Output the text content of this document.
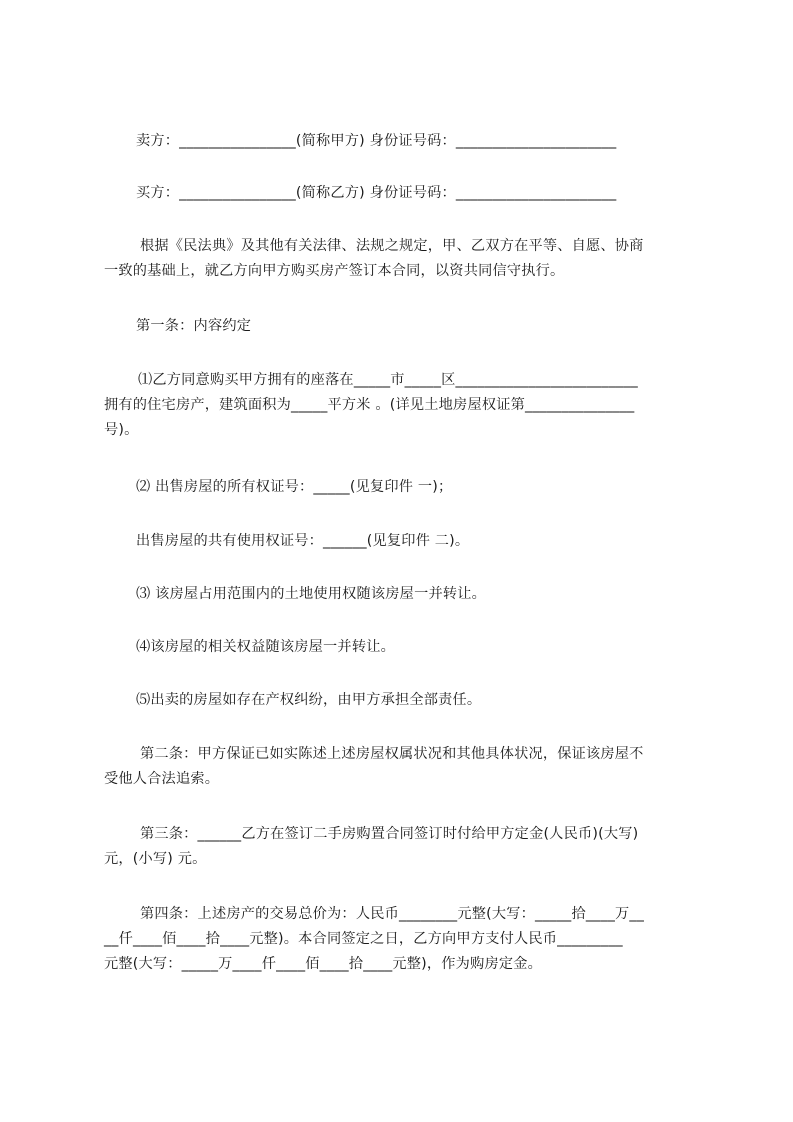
卖方：________________(简称甲方) 身份证号码：______________________
买方：________________(简称乙方) 身份证号码：______________________
根据《民法典》及其他有关法律、法规之规定，甲、乙双方在平等、自愿、协商
一致的基础上，就乙方向甲方购买房产签订本合同，以资共同信守执行。
第一条：内容约定
⑴乙方同意购买甲方拥有的座落在_____市_____区_________________________
拥有的住宅房产，建筑面积为_____平方米 。(详见土地房屋权证第_______________
号)。
⑵ 出售房屋的所有权证号：_____(见复印件 一)；
出售房屋的共有使用权证号：______(见复印件 二)。
⑶ 该房屋占用范围内的土地使用权随该房屋一并转让。
⑷该房屋的相关权益随该房屋一并转让。
⑸出卖的房屋如存在产权纠纷，由甲方承担全部责任。
第二条：甲方保证已如实陈述上述房屋权属状况和其他具体状况，保证该房屋不
受他人合法追索。
第三条：______乙方在签订二手房购置合同签订时付给甲方定金(人民币)(大写)
元，(小写) 元。
第四条：上述房产的交易总价为：人民币________元整(大写：_____拾____万__
__仟____佰____拾____元整)。本合同签定之日，乙方向甲方支付人民币_________
元整(大写：_____万____仟____佰____拾____元整)，作为购房定金。
